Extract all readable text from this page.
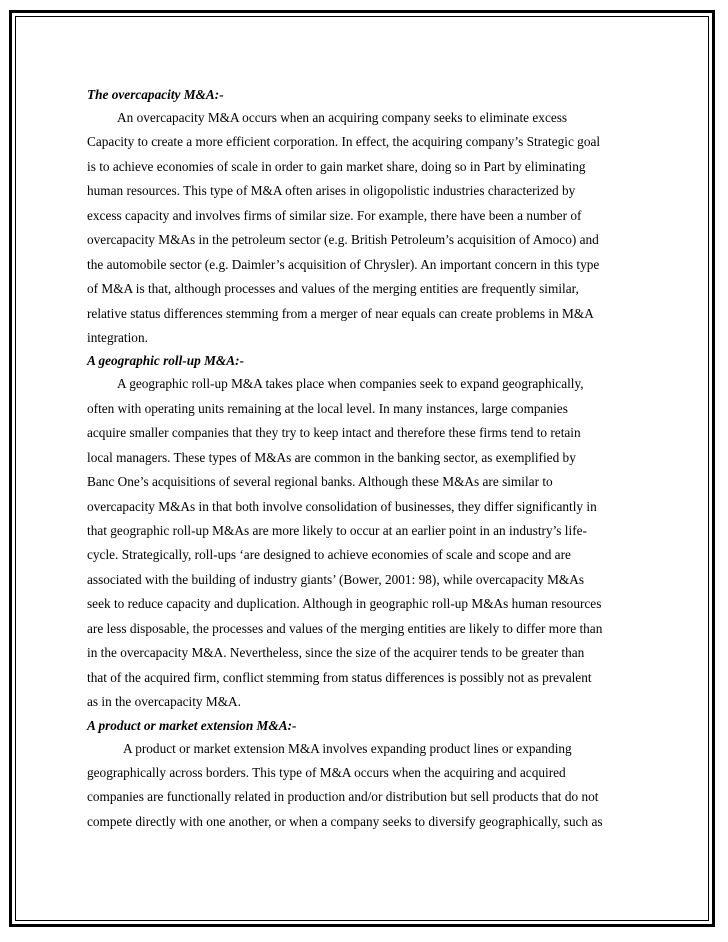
The overcapacity M&A:-
An overcapacity M&A occurs when an acquiring company seeks to eliminate excess
Capacity to create a more efficient corporation. In effect, the acquiring company’s Strategic goal
is to achieve economies of scale in order to gain market share, doing so in Part by eliminating
human resources. This type of M&A often arises in oligopolistic industries characterized by
excess capacity and involves firms of similar size. For example, there have been a number of
overcapacity M&As in the petroleum sector (e.g. British Petroleum’s acquisition of Amoco) and
the automobile sector (e.g. Daimler’s acquisition of Chrysler). An important concern in this type
of M&A is that, although processes and values of the merging entities are frequently similar,
relative status differences stemming from a merger of near equals can create problems in M&A
integration.
A geographic roll-up M&A:-
A geographic roll-up M&A takes place when companies seek to expand geographically,
often with operating units remaining at the local level. In many instances, large companies
acquire smaller companies that they try to keep intact and therefore these firms tend to retain
local managers. These types of M&As are common in the banking sector, as exemplified by
Banc One’s acquisitions of several regional banks. Although these M&As are similar to
overcapacity M&As in that both involve consolidation of businesses, they differ significantly in
that geographic roll-up M&As are more likely to occur at an earlier point in an industry’s life-
cycle. Strategically, roll-ups ‘are designed to achieve economies of scale and scope and are
associated with the building of industry giants’ (Bower, 2001: 98), while overcapacity M&As
seek to reduce capacity and duplication. Although in geographic roll-up M&As human resources
are less disposable, the processes and values of the merging entities are likely to differ more than
in the overcapacity M&A. Nevertheless, since the size of the acquirer tends to be greater than
that of the acquired firm, conflict stemming from status differences is possibly not as prevalent
as in the overcapacity M&A.
A product or market extension M&A:-
A product or market extension M&A involves expanding product lines or expanding
geographically across borders. This type of M&A occurs when the acquiring and acquired
companies are functionally related in production and/or distribution but sell products that do not
compete directly with one another, or when a company seeks to diversify geographically, such as
